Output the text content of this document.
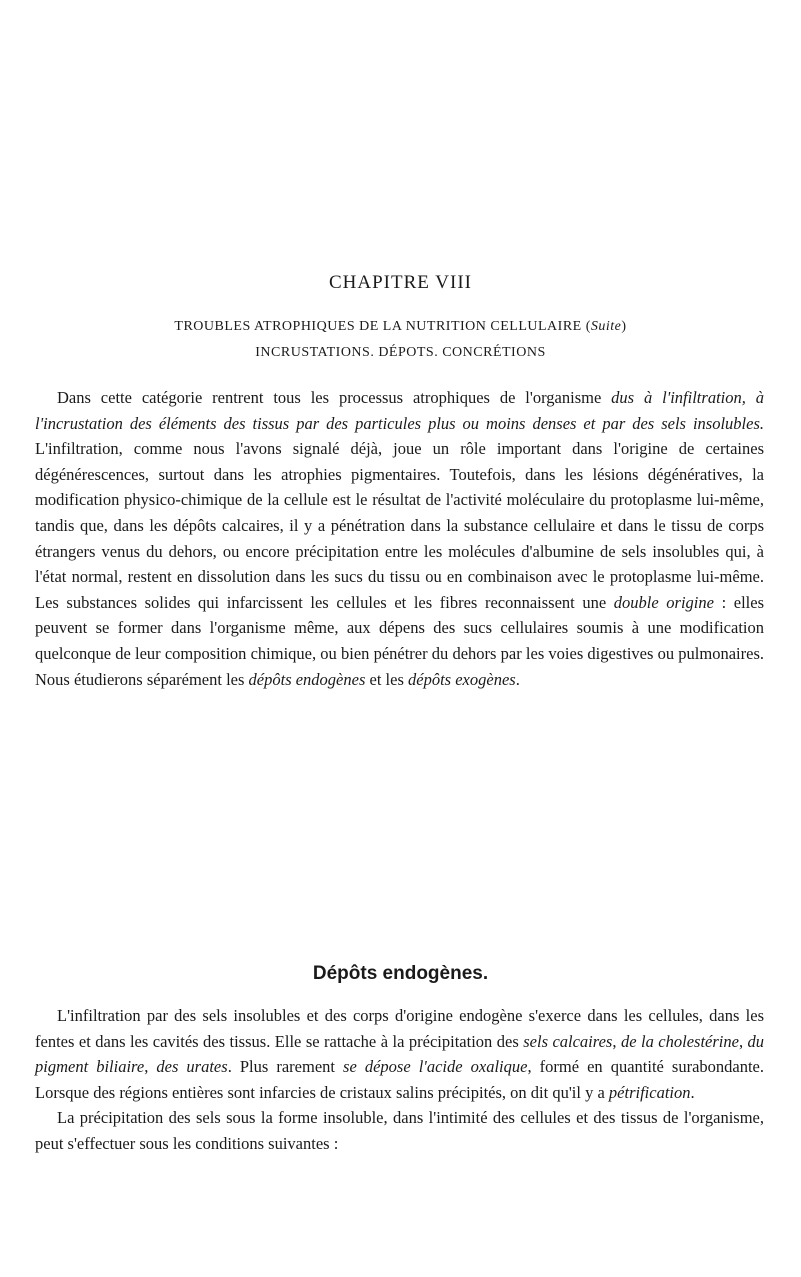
CHAPITRE VIII
TROUBLES ATROPHIQUES DE LA NUTRITION CELLULAIRE (Suite)
INCRUSTATIONS. DÉPOTS. CONCRÉTIONS

Dans cette catégorie rentrent tous les processus atrophiques de l'organisme dus à l'infiltration, à l'incrustation des éléments des tissus par des particules plus ou moins denses et par des sels insolubles. L'infiltration, comme nous l'avons signalé déjà, joue un rôle important dans l'origine de certaines dégénérescences, surtout dans les atrophies pigmentaires. Toutefois, dans les lésions dégénératives, la modification physico-chimique de la cellule est le résultat de l'activité moléculaire du protoplasme lui-même, tandis que, dans les dépôts calcaires, il y a pénétration dans la substance cellulaire et dans le tissu de corps étrangers venus du dehors, ou encore précipitation entre les molécules d'albumine de sels insolubles qui, à l'état normal, restent en dissolution dans les sucs du tissu ou en combinaison avec le protoplasme lui-même. Les substances solides qui infarcissent les cellules et les fibres reconnaissent une double origine : elles peuvent se former dans l'organisme même, aux dépens des sucs cellulaires soumis à une modification quelconque de leur composition chimique, ou bien pénétrer du dehors par les voies digestives ou pulmonaires. Nous étudierons séparément les dépôts endogènes et les dépôts exogènes.

Dépôts endogènes.

L'infiltration par des sels insolubles et des corps d'origine endogène s'exerce dans les cellules, dans les fentes et dans les cavités des tissus. Elle se rattache à la précipitation des sels calcaires, de la cholestérine, du pigment biliaire, des urates. Plus rarement se dépose l'acide oxalique, formé en quantité surabondante. Lorsque des régions entières sont infarcies de cristaux salins précipités, on dit qu'il y a pétrification.

La précipitation des sels sous la forme insoluble, dans l'intimité des cellules et des tissus de l'organisme, peut s'effectuer sous les conditions suivantes :
